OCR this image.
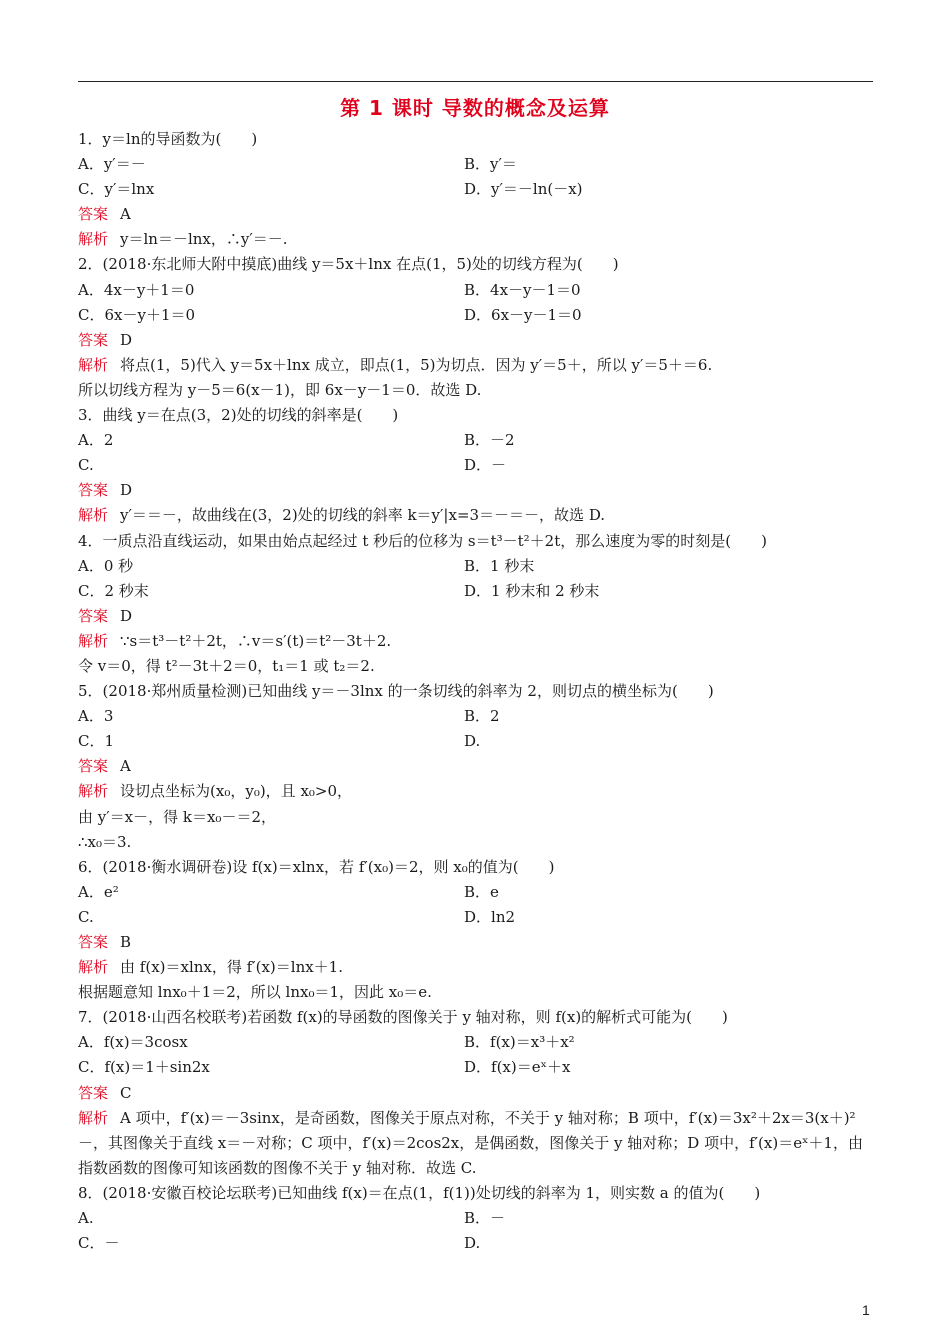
第 1 课时 导数的概念及运算
1．y＝ln的导函数为(　　)
A．y′＝－	B．y′＝
C．y′＝lnx	D．y′＝－ln(－x)
答案 A
解析 y＝ln＝－lnx，∴y′＝－.
2．(2018·东北师大附中摸底)曲线 y＝5x＋lnx 在点(1，5)处的切线方程为(　　)
A．4x－y＋1＝0	B．4x－y－1＝0
C．6x－y＋1＝0	D．6x－y－1＝0
答案 D
解析 将点(1，5)代入 y＝5x＋lnx 成立，即点(1，5)为切点．因为 y′＝5＋，所以 y′＝5＋＝6.
所以切线方程为 y－5＝6(x－1)，即 6x－y－1＝0．故选 D.
3．曲线 y＝在点(3，2)处的切线的斜率是(　　)
A．2	B．－2
C.	D．－
答案 D
解析 y′＝＝－，故曲线在(3，2)处的切线的斜率 k＝y′|x=3＝－＝－，故选 D.
4．一质点沿直线运动，如果由始点起经过 t 秒后的位移为 s＝t³－t²＋2t，那么速度为零的时刻是(　　)
A．0 秒	B．1 秒末
C．2 秒末	D．1 秒末和 2 秒末
答案 D
解析 ∵s＝t³－t²＋2t，∴v＝s′(t)＝t²－3t＋2.
令 v＝0，得 t²－3t＋2＝0，t₁＝1 或 t₂＝2.
5．(2018·郑州质量检测)已知曲线 y＝－3lnx 的一条切线的斜率为 2，则切点的横坐标为(　　)
A．3	B．2
C．1	D.
答案 A
解析 设切点坐标为(x₀，y₀)，且 x₀>0，
由 y′＝x－，得 k＝x₀－＝2，
∴x₀＝3.
6．(2018·衡水调研卷)设 f(x)＝xlnx，若 f′(x₀)＝2，则 x₀的值为(　　)
A．e²	B．e
C.	D．ln2
答案 B
解析 由 f(x)＝xlnx，得 f′(x)＝lnx＋1.
根据题意知 lnx₀＋1＝2，所以 lnx₀＝1，因此 x₀＝e.
7．(2018·山西名校联考)若函数 f(x)的导函数的图像关于 y 轴对称，则 f(x)的解析式可能为(　　)
A．f(x)＝3cosx	B．f(x)＝x³＋x²
C．f(x)＝1＋sin2x	D．f(x)＝eˣ＋x
答案 C
解析 A 项中，f′(x)＝－3sinx，是奇函数，图像关于原点对称，不关于 y 轴对称；B 项中，f′(x)＝3x²＋2x＝3(x＋)²－，其图像关于直线 x＝－对称；C 项中，f′(x)＝2cos2x，是偶函数，图像关于 y 轴对称；D 项中，f′(x)＝eˣ＋1，由指数函数的图像可知该函数的图像不关于 y 轴对称．故选 C.
8．(2018·安徽百校论坛联考)已知曲线 f(x)＝在点(1，f(1))处切线的斜率为 1，则实数 a 的值为(　　)
A.	B．－
C．－	D.
1
